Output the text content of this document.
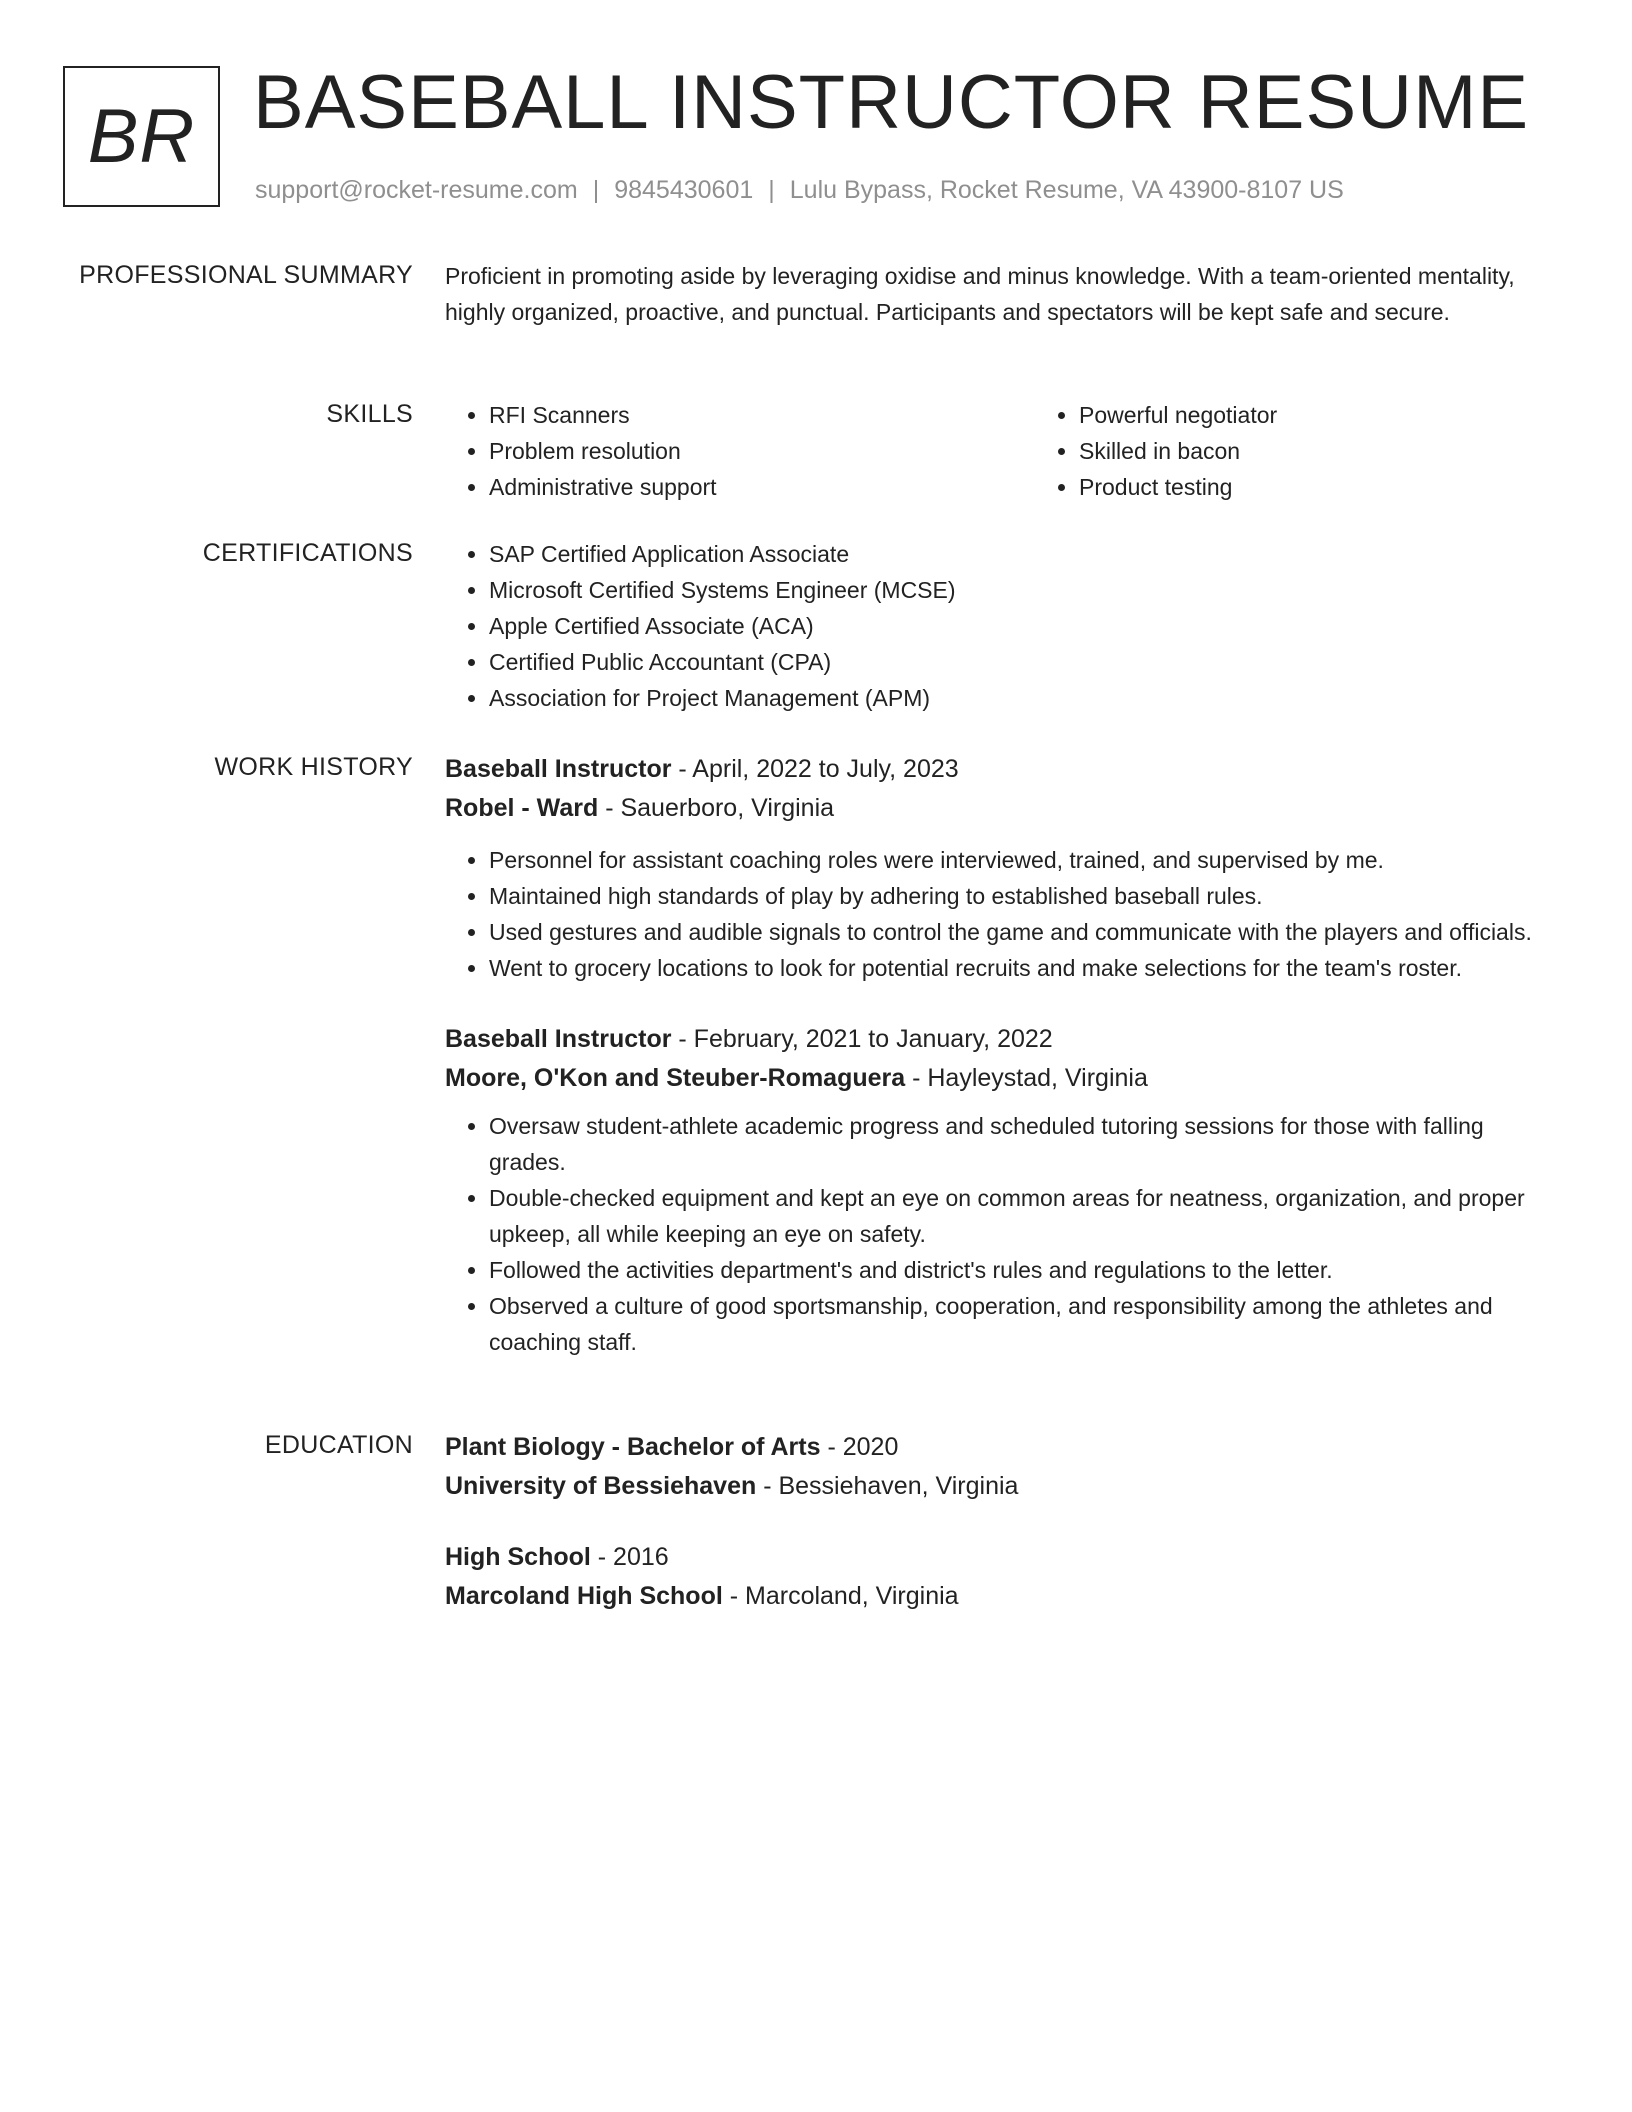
BR BASEBALL INSTRUCTOR RESUME
support@rocket-resume.com | 9845430601 | Lulu Bypass, Rocket Resume, VA 43900-8107 US
PROFESSIONAL SUMMARY Proficient in promoting aside by leveraging oxidise and minus knowledge. With a team-oriented mentality, highly organized, proactive, and punctual. Participants and spectators will be kept safe and secure.

SKILLS	• RFI Scanners
• Problem resolution
• Administrative support
• Powerful negotiator
• Skilled in bacon
• Product testing
CERTIFICATIONS	• SAP Certified Application Associate
• Microsoft Certified Systems Engineer (MCSE)
• Apple Certified Associate (ACA)
• Certified Public Accountant (CPA)
• Association for Project Management (APM)
WORK HISTORY Baseball Instructor - April, 2022 to July, 2023
Robel - Ward - Sauerboro, Virginia
• Personnel for assistant coaching roles were interviewed, trained, and supervised by me.
• Maintained high standards of play by adhering to established baseball rules.
• Used gestures and audible signals to control the game and communicate with the players and officials.
• Went to grocery locations to look for potential recruits and make selections for the team's roster.
Baseball Instructor - February, 2021 to January, 2022
Moore, O'Kon and Steuber-Romaguera - Hayleystad, Virginia
• Oversaw student-athlete academic progress and scheduled tutoring sessions for those with falling grades.
• Double-checked equipment and kept an eye on common areas for neatness, organization, and proper upkeep, all while keeping an eye on safety.
• Followed the activities department's and district's rules and regulations to the letter.
• Observed a culture of good sportsmanship, cooperation, and responsibility among the athletes and coaching staff.
EDUCATION Plant Biology - Bachelor of Arts - 2020
University of Bessiehaven - Bessiehaven, Virginia
High School - 2016
Marcoland High School - Marcoland, Virginia
